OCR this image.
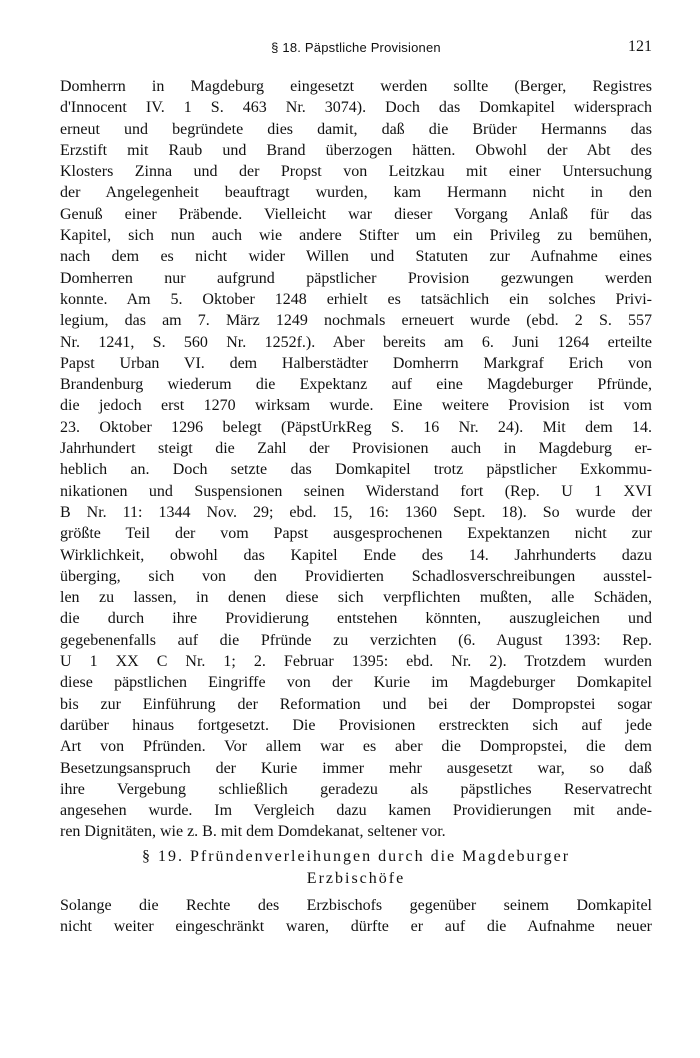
§ 18. Päpstliche Provisionen	121
Domherrn in Magdeburg eingesetzt werden sollte (Berger, Registres
d'Innocent IV. 1 S. 463 Nr. 3074). Doch das Domkapitel widersprach
erneut und begründete dies damit, daß die Brüder Hermanns das
Erzstift mit Raub und Brand überzogen hätten. Obwohl der Abt des
Klosters Zinna und der Propst von Leitzkau mit einer Untersuchung
der Angelegenheit beauftragt wurden, kam Hermann nicht in den
Genuß einer Präbende. Vielleicht war dieser Vorgang Anlaß für das
Kapitel, sich nun auch wie andere Stifter um ein Privileg zu bemühen,
nach dem es nicht wider Willen und Statuten zur Aufnahme eines
Domherren nur aufgrund päpstlicher Provision gezwungen werden
konnte. Am 5. Oktober 1248 erhielt es tatsächlich ein solches Privi-
legium, das am 7. März 1249 nochmals erneuert wurde (ebd. 2 S. 557
Nr. 1241, S. 560 Nr. 1252f.). Aber bereits am 6. Juni 1264 erteilte
Papst Urban VI. dem Halberstädter Domherrn Markgraf Erich von
Brandenburg wiederum die Expektanz auf eine Magdeburger Pfründe,
die jedoch erst 1270 wirksam wurde. Eine weitere Provision ist vom
23. Oktober 1296 belegt (PäpstUrkReg S. 16 Nr. 24). Mit dem 14.
Jahrhundert steigt die Zahl der Provisionen auch in Magdeburg er-
heblich an. Doch setzte das Domkapitel trotz päpstlicher Exkommu-
nikationen und Suspensionen seinen Widerstand fort (Rep. U 1 XVI
B Nr. 11: 1344 Nov. 29; ebd. 15, 16: 1360 Sept. 18). So wurde der
größte Teil der vom Papst ausgesprochenen Expektanzen nicht zur
Wirklichkeit, obwohl das Kapitel Ende des 14. Jahrhunderts dazu
überging, sich von den Providierten Schadlosverschreibungen ausstel-
len zu lassen, in denen diese sich verpflichten mußten, alle Schäden,
die durch ihre Providierung entstehen könnten, auszugleichen und
gegebenenfalls auf die Pfründe zu verzichten (6. August 1393: Rep.
U 1 XX C Nr. 1; 2. Februar 1395: ebd. Nr. 2). Trotzdem wurden
diese päpstlichen Eingriffe von der Kurie im Magdeburger Domkapitel
bis zur Einführung der Reformation und bei der Dompropstei sogar
darüber hinaus fortgesetzt. Die Provisionen erstreckten sich auf jede
Art von Pfründen. Vor allem war es aber die Dompropstei, die dem
Besetzungsanspruch der Kurie immer mehr ausgesetzt war, so daß
ihre Vergebung schließlich geradezu als päpstliches Reservatrecht
angesehen wurde. Im Vergleich dazu kamen Providierungen mit ande-
ren Dignitäten, wie z. B. mit dem Domdekanat, seltener vor.
§ 19. Pfründenverleihungen durch die Magdeburger
Erzbischöfe
Solange die Rechte des Erzbischofs gegenüber seinem Domkapitel
nicht weiter eingeschränkt waren, dürfte er auf die Aufnahme neuer
